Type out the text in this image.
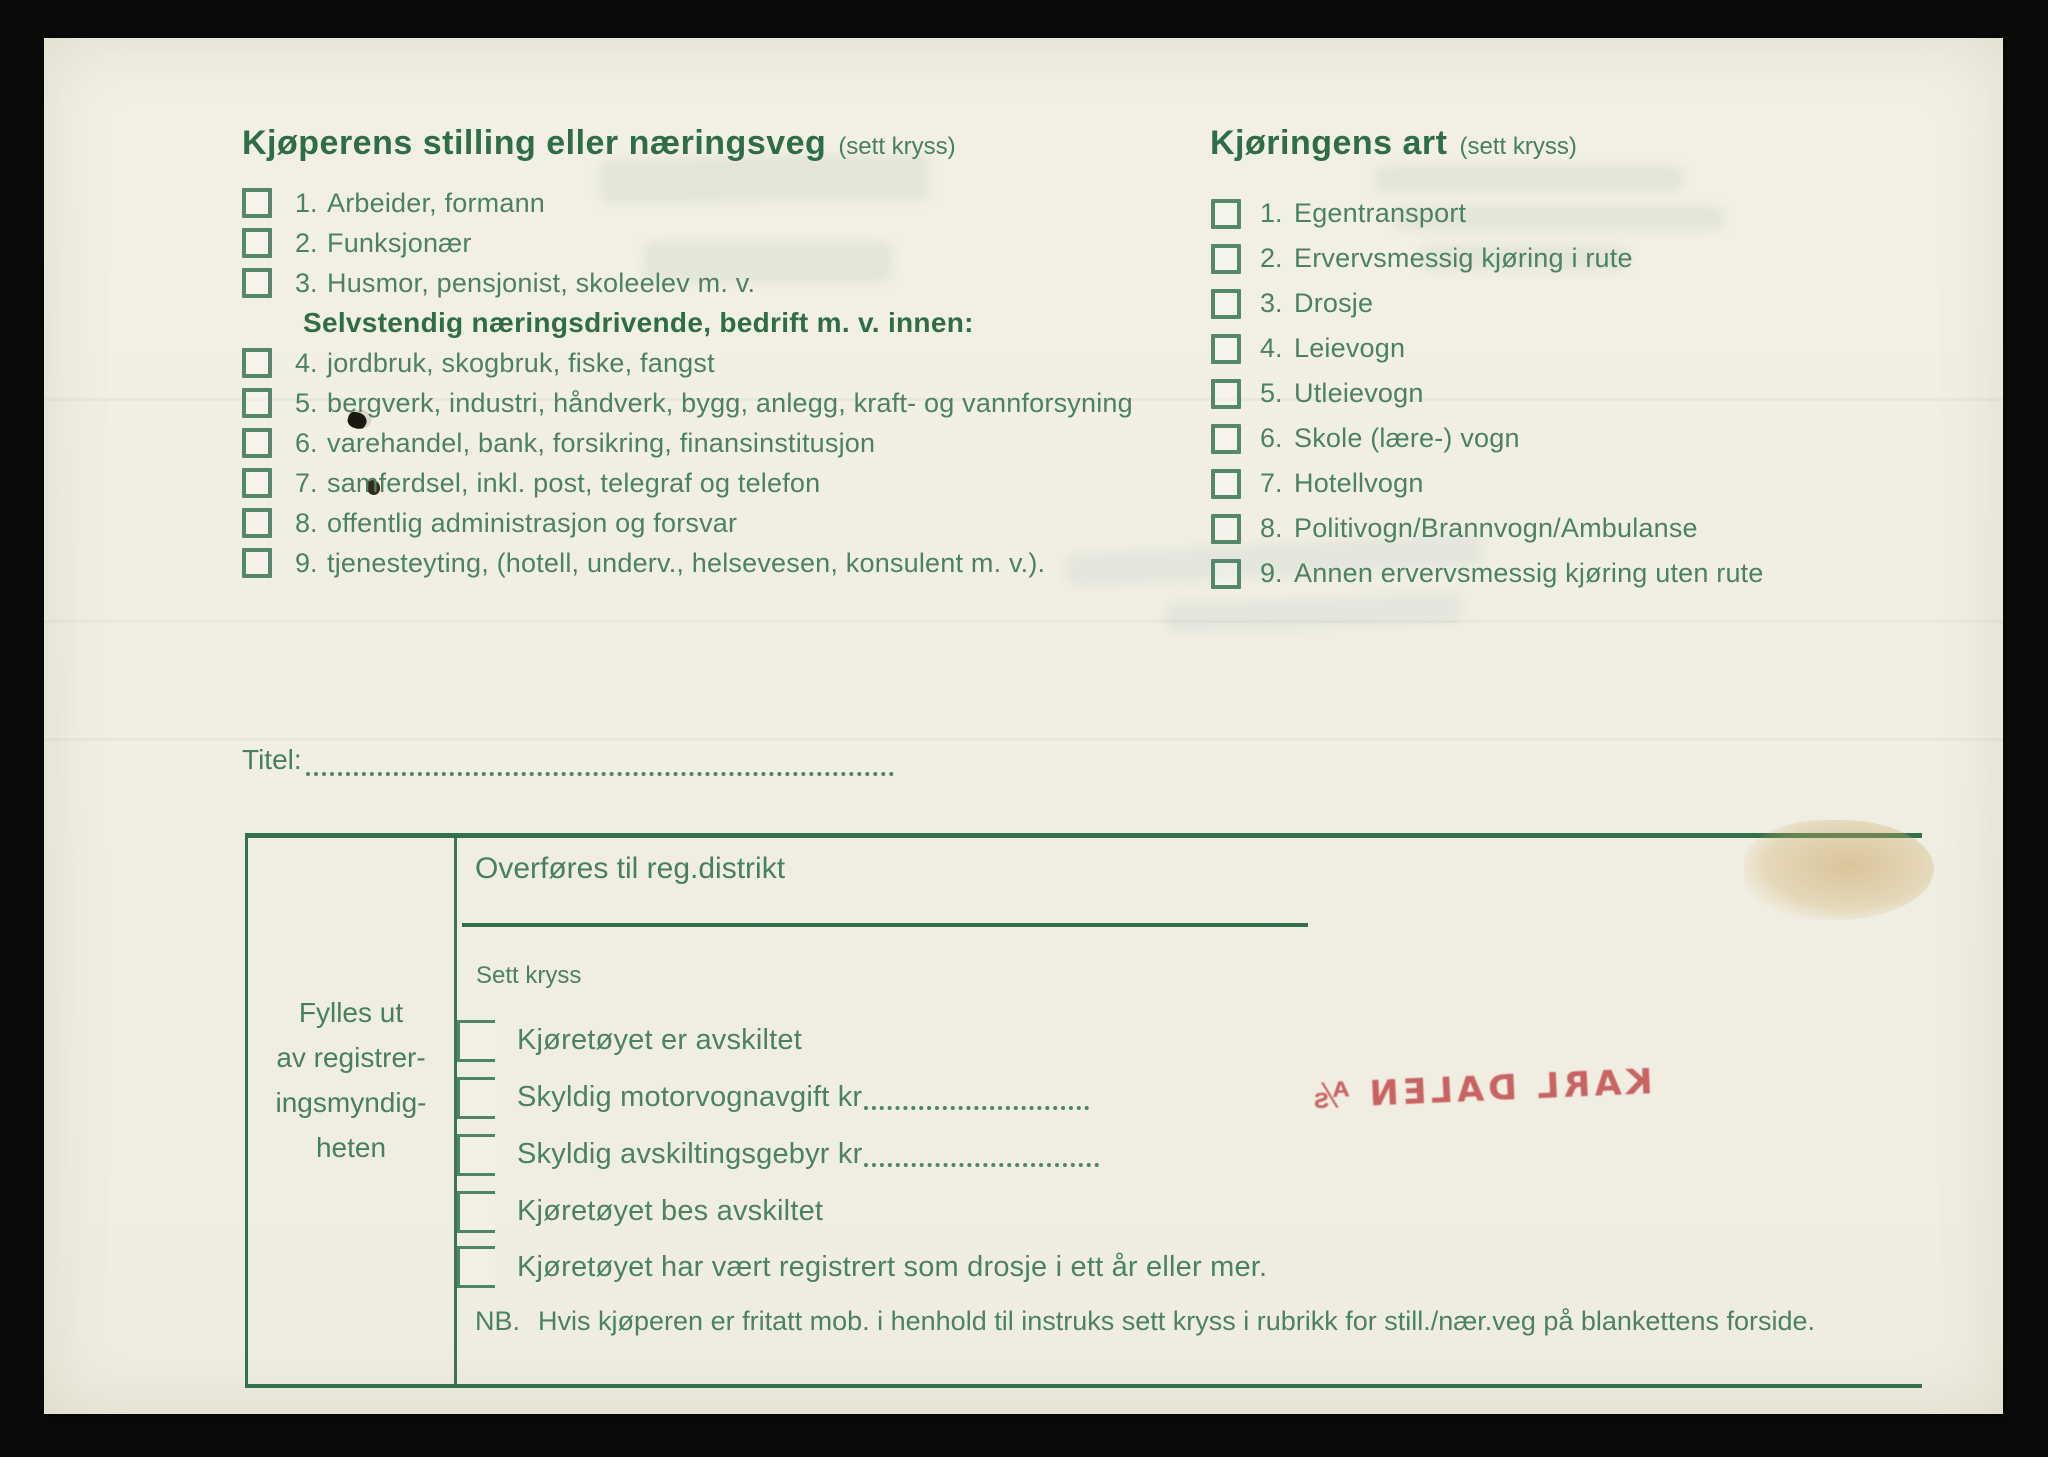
Kjøperens stilling eller næringsveg (sett kryss)
1. Arbeider, formann
2. Funksjonær
3. Husmor, pensjonist, skoleelev m. v.
Selvstendig næringsdrivende, bedrift m. v. innen:
4. jordbruk, skogbruk, fiske, fangst
5. bergverk, industri, håndverk, bygg, anlegg, kraft- og vannforsyning
6. varehandel, bank, forsikring, finansinstitusjon
7. samferdsel, inkl. post, telegraf og telefon
8. offentlig administrasjon og forsvar
9. tjenesteyting, (hotell, underv., helsevesen, konsulent m. v.).
Kjøringens art (sett kryss)
1. Egentransport
2. Ervervsmessig kjøring i rute
3. Drosje
4. Leievogn
5. Utleievogn
6. Skole (lære-) vogn
7. Hotellvogn
8. Politivogn/Brannvogn/Ambulanse
9. Annen ervervsmessig kjøring uten rute
Titel:
Fylles ut
av registrer-
ingsmyndig-
heten
Overføres til reg.distrikt
Sett kryss
Kjøretøyet er avskiltet
Skyldig motorvognavgift kr
Skyldig avskiltingsgebyr kr
Kjøretøyet bes avskiltet
Kjøretøyet har vært registrert som drosje i ett år eller mer.
NB. Hvis kjøperen er fritatt mob. i henhold til instruks sett kryss i rubrikk for still./nær.veg på blankettens forside.
KARL DALEN ⅍
